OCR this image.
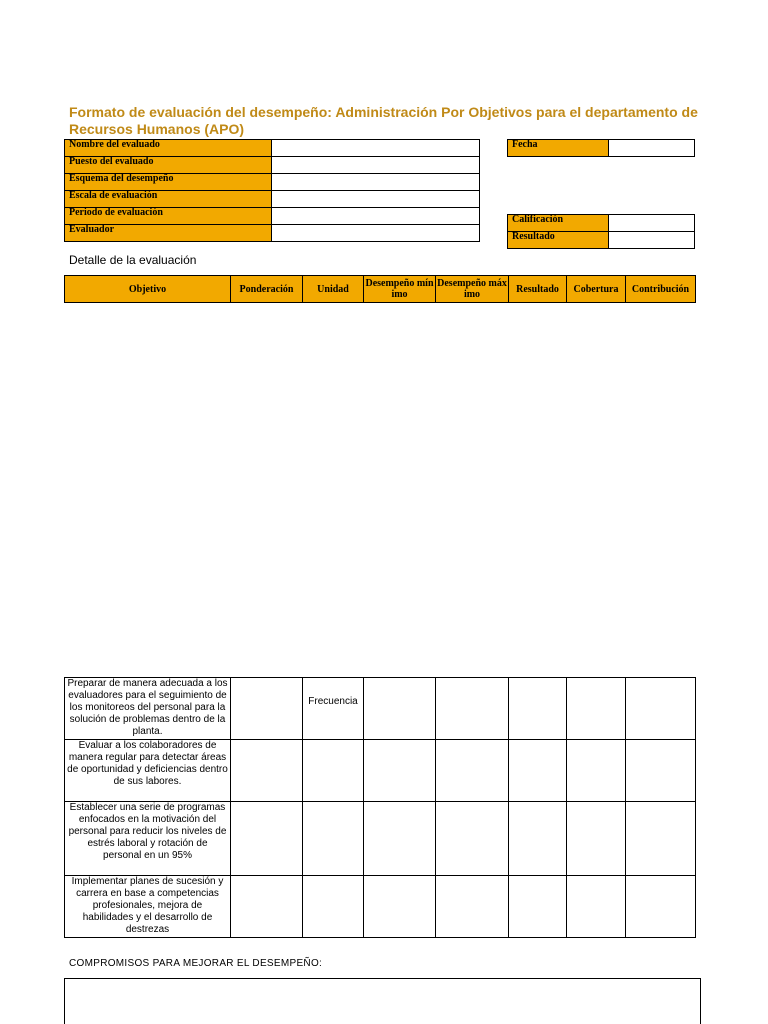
Formato de evaluación del desempeño: Administración Por Objetivos para el departamento de Recursos Humanos (APO)
Nombre del evaluado	
Puesto del evaluado	
Esquema del desempeño	
Escala de evaluación	
Periodo de evaluación	
Evaluador	
Fecha	
Calificación	
Resultado	

Detalle de la evaluación

Objetivo	Ponderación	Unidad	Desempeño mínimo	Desempeño máximo	Resultado	Cobertura	Contribución
Preparar de manera adecuada a los evaluadores para el seguimiento de los monitoreos del personal para la solución de problemas dentro de la planta.		Frecuencia					
Evaluar a los colaboradores de manera regular para detectar áreas de oportunidad y deficiencias dentro de sus labores.							
Establecer una serie de programas enfocados en la motivación del personal para reducir los niveles de estrés laboral y rotación de personal en un 95%							
Implementar planes de sucesión y carrera en base a competencias profesionales, mejora de habilidades y el desarrollo de destrezas							

COMPROMISOS PARA MEJORAR EL DESEMPEÑO:
